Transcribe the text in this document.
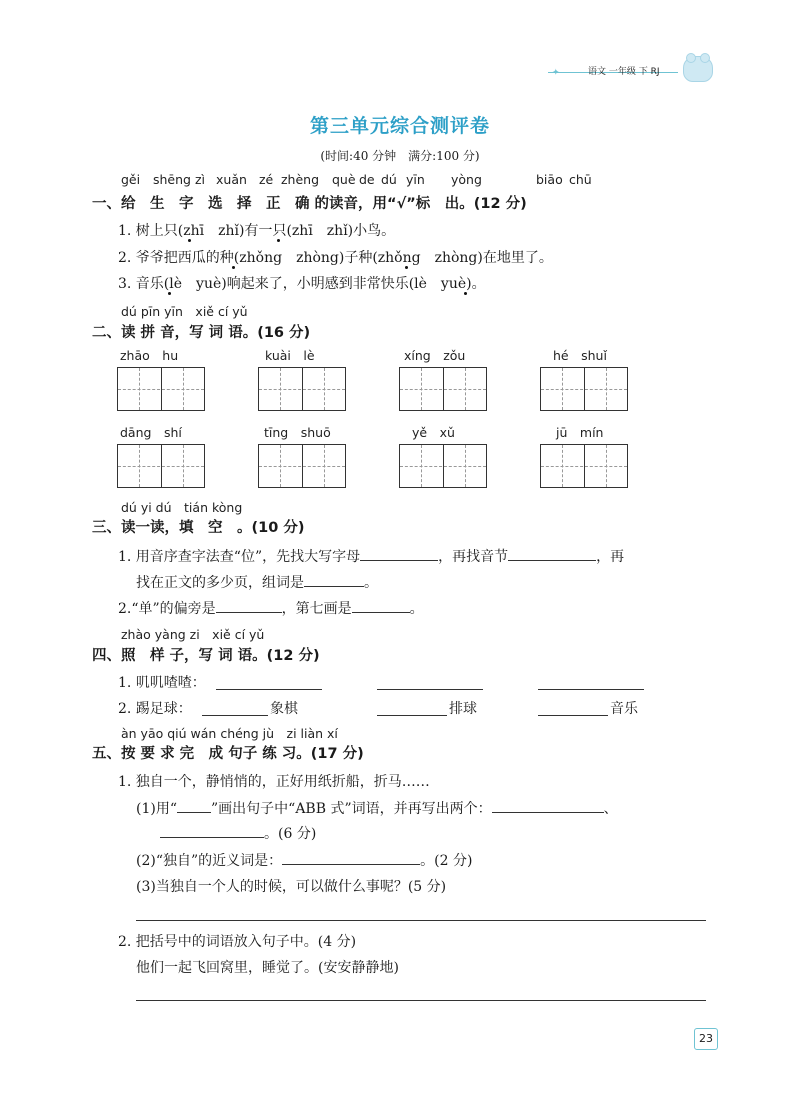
✦	语文 一年级 下 RJ
第三单元综合测评卷
(时间:40 分钟　满分:100 分)
gěi shēng zì xuǎn zé zhèng què de dú yīn yòng	biāo chū
一、给　生　字　选　择　正　确 的读音，用“√”标　出。(12 分)
1. 树上只(zhī　zhǐ)有一只(zhī　zhǐ)小鸟。
2. 爷爷把西瓜的种(zhǒng　zhòng)子种(zhǒng　zhòng)在地里了。
3. 音乐(lè　yuè)响起来了，小明感到非常快乐(lè　yuè)。
dú pīn yīn　xiě cí yǔ
二、读 拼 音，写 词 语。(16 分)
zhāo　hu	kuài　lè	xíng　zǒu	hé　shuǐ
dāng　shí	tīng　shuō	yě　xǔ	jū　mín
dú yi dú　tián kòng
三、读一读，填　空　。(10 分)
1. 用音序查字法查“位”，先找大写字母	，再找音节	，再
找在正文的多少页，组词是	。
2.“单”的偏旁是	，第七画是	。
zhào yàng zi　xiě cí yǔ
四、照　样 子，写 词 语。(12 分)
1. 叽叽喳喳：
2. 踢足球：	象棋	排球	音乐
àn yāo qiú wán chéng jù　zi liàn xí
五、按 要 求 完　成 句子 练 习。(17 分)
1. 独自一个，静悄悄的，正好用纸折船，折马……
(1)用“ ”画出句子中“ABB 式”词语，并再写出两个：	、
。(6 分)
(2)“独自”的近义词是：	。(2 分)
(3)当独自一个人的时候，可以做什么事呢？(5 分)
2. 把括号中的词语放入句子中。(4 分)
他们一起飞回窝里，睡觉了。(安安静静地)
23
